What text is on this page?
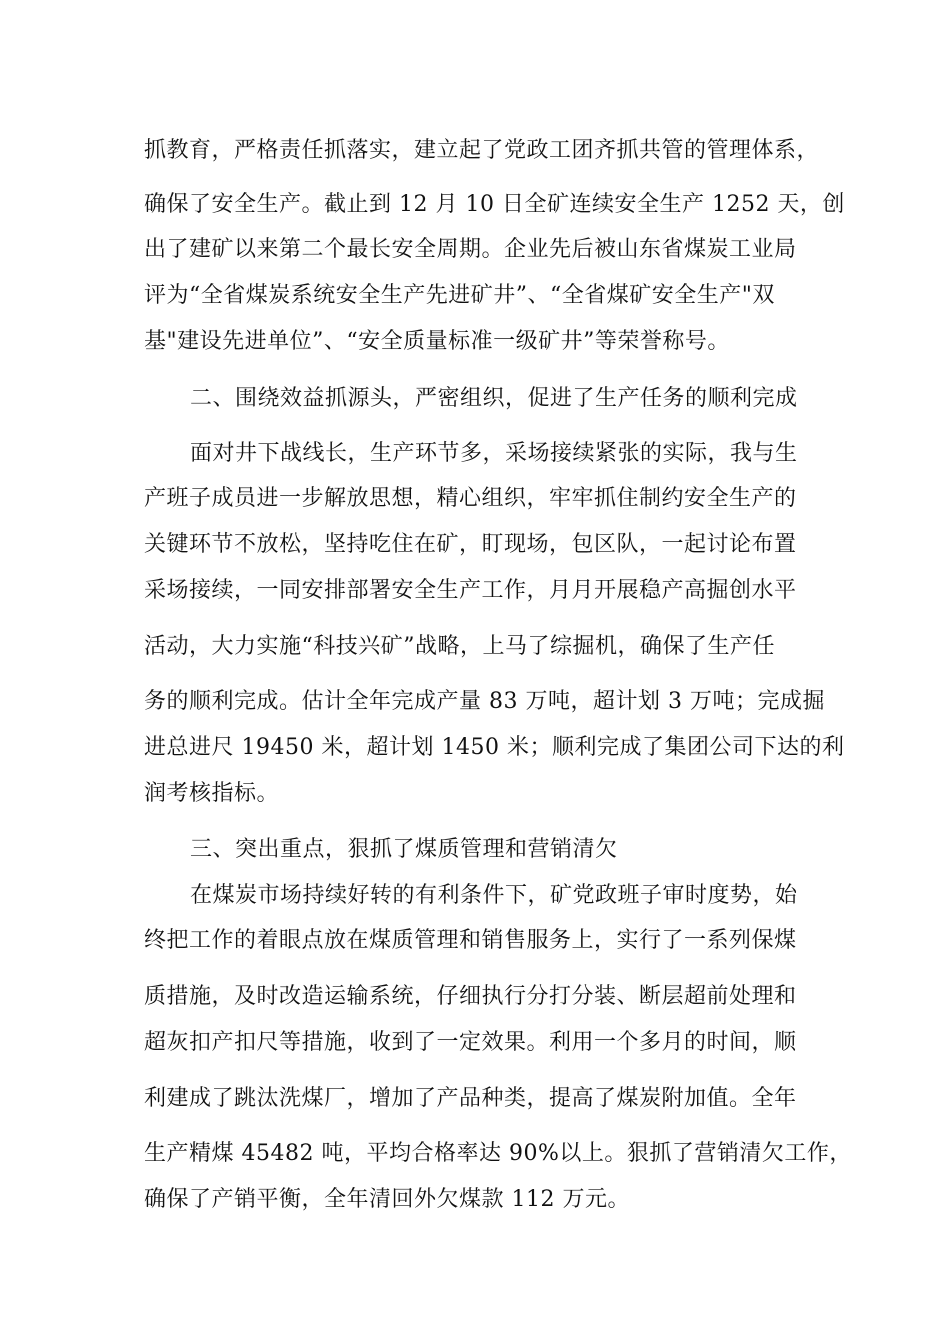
抓教育，严格责任抓落实，建立起了党政工团齐抓共管的管理体系，
确保了安全生产。截止到 12 月 10 日全矿连续安全生产 1252 天，创
出了建矿以来第二个最长安全周期。企业先后被山东省煤炭工业局
评为“全省煤炭系统安全生产先进矿井”、“全省煤矿安全生产"双
基"建设先进单位”、“安全质量标准一级矿井”等荣誉称号。
二、围绕效益抓源头，严密组织，促进了生产任务的顺利完成
面对井下战线长，生产环节多，采场接续紧张的实际，我与生
产班子成员进一步解放思想，精心组织，牢牢抓住制约安全生产的
关键环节不放松，坚持吃住在矿，盯现场，包区队，一起讨论布置
采场接续，一同安排部署安全生产工作，月月开展稳产高掘创水平
活动，大力实施“科技兴矿”战略，上马了综掘机，确保了生产任
务的顺利完成。估计全年完成产量 83 万吨，超计划 3 万吨；完成掘
进总进尺 19450 米，超计划 1450 米；顺利完成了集团公司下达的利
润考核指标。
三、突出重点，狠抓了煤质管理和营销清欠
在煤炭市场持续好转的有利条件下，矿党政班子审时度势，始
终把工作的着眼点放在煤质管理和销售服务上，实行了一系列保煤
质措施，及时改造运输系统，仔细执行分打分装、断层超前处理和
超灰扣产扣尺等措施，收到了一定效果。利用一个多月的时间，顺
利建成了跳汰洗煤厂，增加了产品种类，提高了煤炭附加值。全年
生产精煤 45482 吨，平均合格率达 90%以上。狠抓了营销清欠工作，
确保了产销平衡，全年清回外欠煤款 112 万元。
